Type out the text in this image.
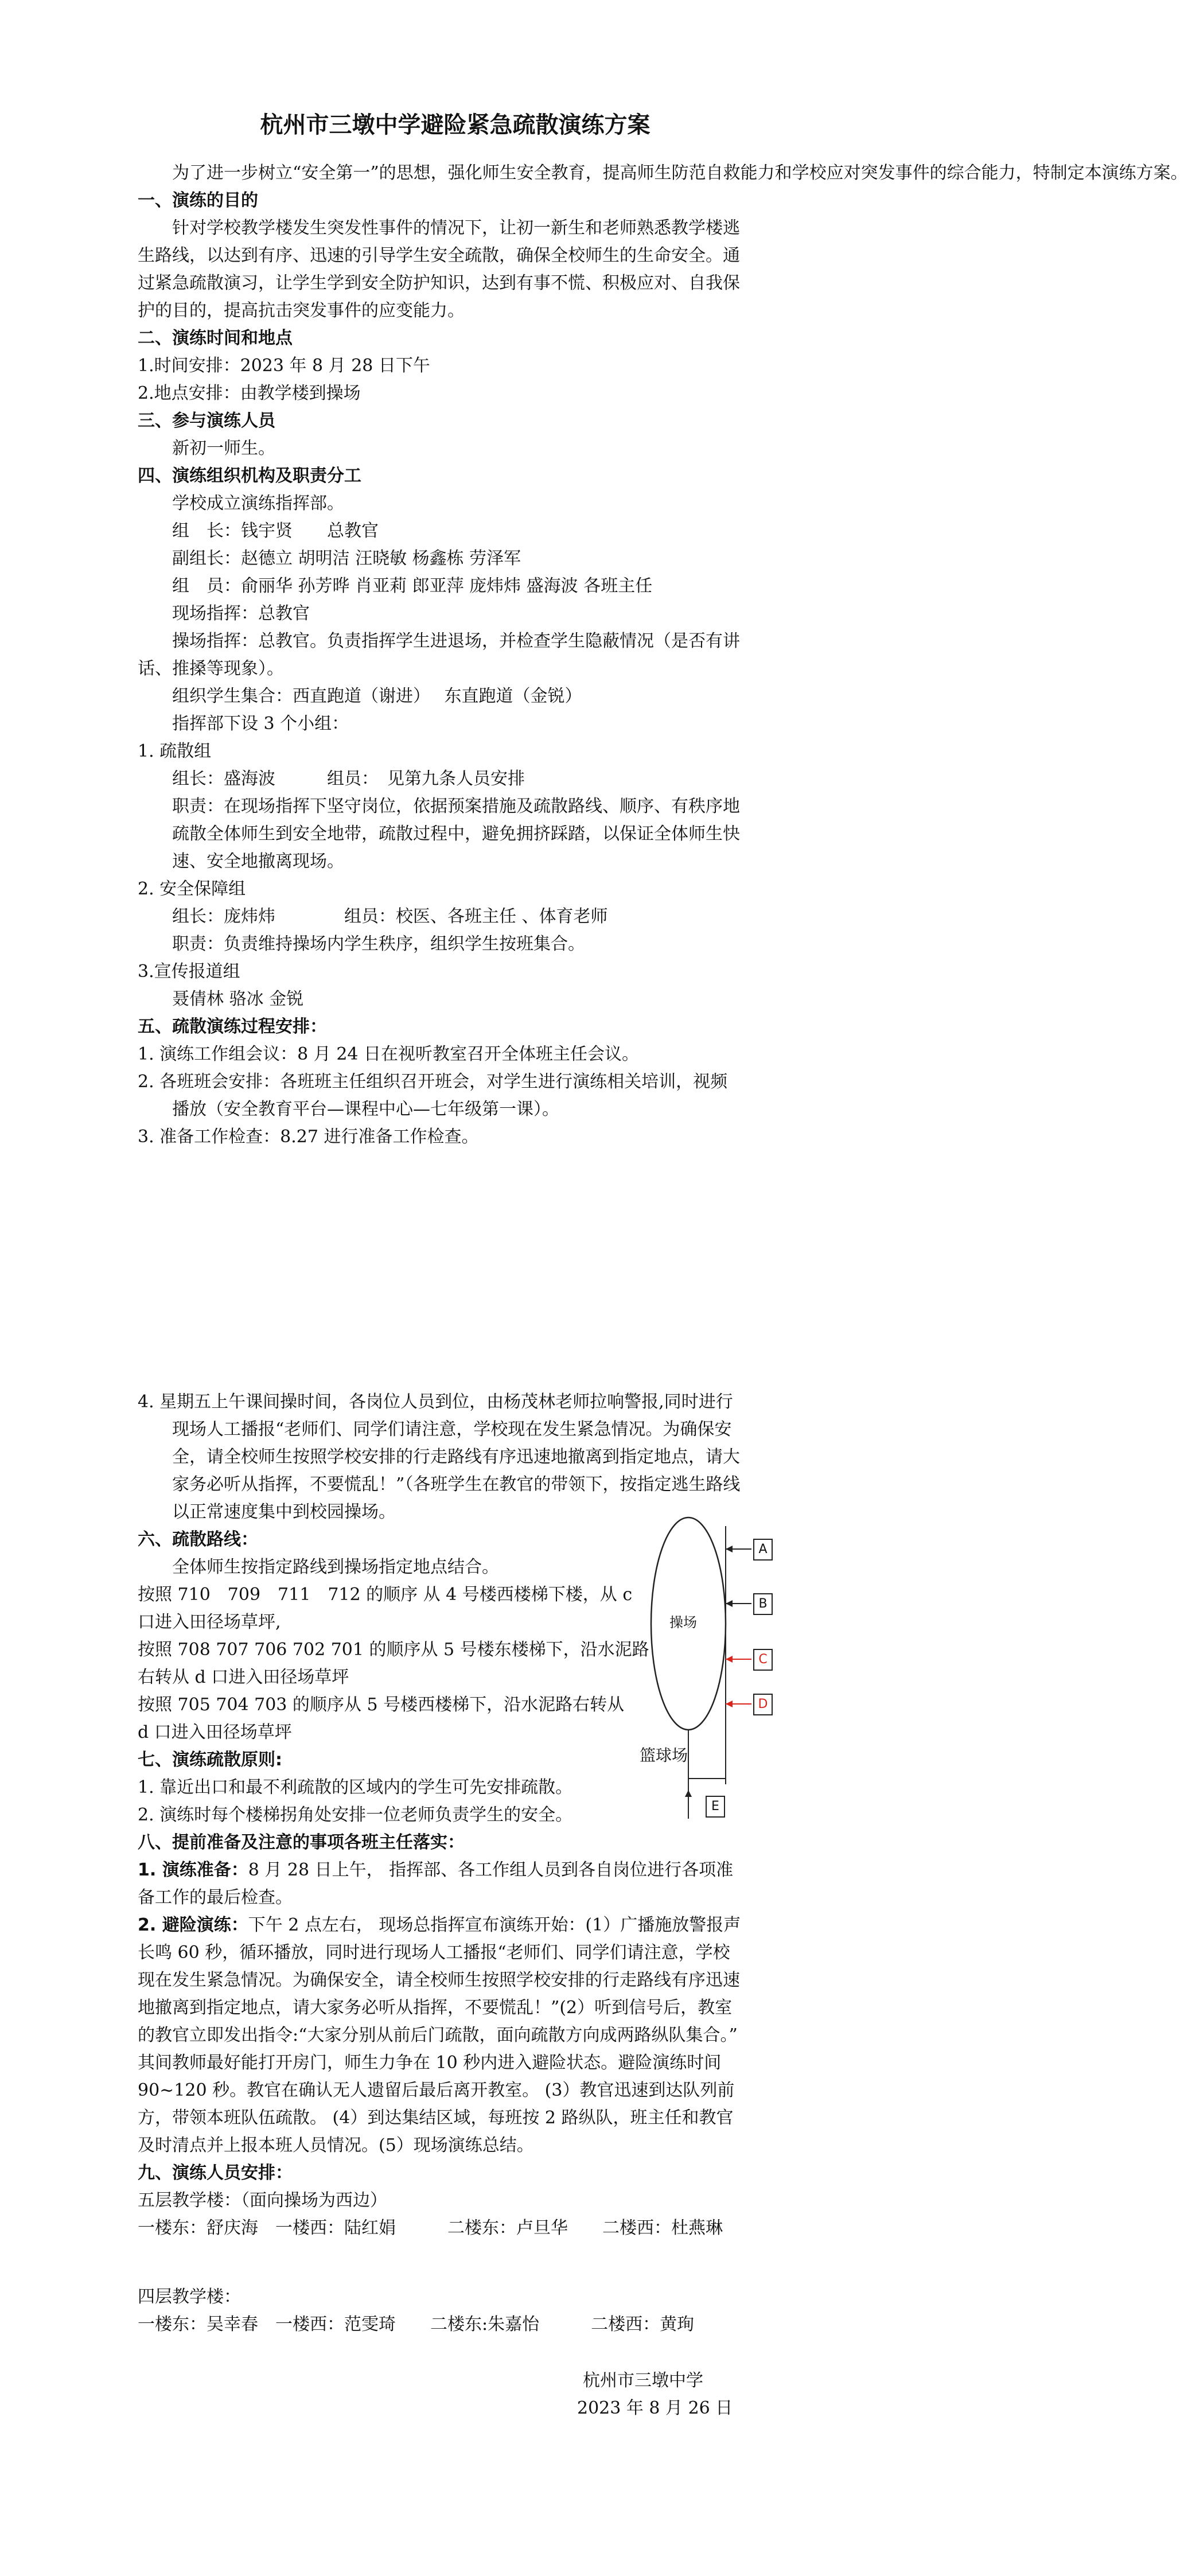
杭州市三墩中学避险紧急疏散演练方案
为了进一步树立“安全第一”的思想，强化师生安全教育，提高师生防范自救能力和学校应对突发事件的综合能力，特制定本演练方案。
一、演练的目的
针对学校教学楼发生突发性事件的情况下，让初一新生和老师熟悉教学楼逃
生路线，以达到有序、迅速的引导学生安全疏散，确保全校师生的生命安全。通
过紧急疏散演习，让学生学到安全防护知识，达到有事不慌、积极应对、自我保
护的目的，提高抗击突发事件的应变能力。
二、演练时间和地点
1.时间安排：2023 年 8 月 28 日下午
2.地点安排：由教学楼到操场
三、参与演练人员
新初一师生。
四、演练组织机构及职责分工
学校成立演练指挥部。
组　长：钱宇贤　　总教官
副组长：赵德立 胡明洁 汪晓敏 杨鑫栋 劳泽军
组　员：俞丽华 孙芳晔 肖亚莉 郎亚萍 庞炜炜 盛海波 各班主任
现场指挥：总教官
操场指挥：总教官。负责指挥学生进退场，并检查学生隐蔽情况（是否有讲
话、推搡等现象）。
组织学生集合：西直跑道（谢进）　 东直跑道（金锐）
指挥部下设 3 个小组：
1. 疏散组
组长：盛海波　　　组员：　见第九条人员安排
职责：在现场指挥下坚守岗位，依据预案措施及疏散路线、顺序、有秩序地
疏散全体师生到安全地带，疏散过程中，避免拥挤踩踏，以保证全体师生快
速、安全地撤离现场。
2. 安全保障组
组长：庞炜炜　　　　组员：校医、各班主任 、体育老师
职责：负责维持操场内学生秩序，组织学生按班集合。
3.宣传报道组
聂倩林 骆冰 金锐
五、疏散演练过程安排：
1. 演练工作组会议：8 月 24 日在视听教室召开全体班主任会议。
2. 各班班会安排：各班班主任组织召开班会，对学生进行演练相关培训，视频
播放（安全教育平台—课程中心—七年级第一课）。
3. 准备工作检查：8.27 进行准备工作检查。
4. 星期五上午课间操时间，各岗位人员到位，由杨茂林老师拉响警报,同时进行
现场人工播报“老师们、同学们请注意，学校现在发生紧急情况。为确保安
全，请全校师生按照学校安排的行走路线有序迅速地撤离到指定地点，请大
家务必听从指挥，不要慌乱！”（各班学生在教官的带领下，按指定逃生路线
以正常速度集中到校园操场。
六、疏散路线：
全体师生按指定路线到操场指定地点结合。
按照 710　709　711　712 的顺序 从 4 号楼西楼梯下楼，从 c
口进入田径场草坪,
按照 708 707 706 702 701 的顺序从 5 号楼东楼梯下，沿水泥路
右转从 d 口进入田径场草坪
按照 705 704 703 的顺序从 5 号楼西楼梯下，沿水泥路右转从
d 口进入田径场草坪
操场
篮球场
A
B
C
D
E
七、演练疏散原则:
1. 靠近出口和最不利疏散的区域内的学生可先安排疏散。
2. 演练时每个楼梯拐角处安排一位老师负责学生的安全。
八、提前准备及注意的事项各班主任落实：
1. 演练准备：8 月 28 日上午， 指挥部、各工作组人员到各自岗位进行各项准
备工作的最后检查。
2. 避险演练：下午 2 点左右， 现场总指挥宣布演练开始：(1）广播施放警报声
长鸣 60 秒，循环播放，同时进行现场人工播报“老师们、同学们请注意，学校
现在发生紧急情况。为确保安全，请全校师生按照学校安排的行走路线有序迅速
地撤离到指定地点，请大家务必听从指挥，不要慌乱！”(2）听到信号后，教室
的教官立即发出指令:“大家分别从前后门疏散，面向疏散方向成两路纵队集合。”
其间教师最好能打开房门，师生力争在 10 秒内进入避险状态。避险演练时间
90~120 秒。教官在确认无人遗留后最后离开教室。 (3）教官迅速到达队列前
方，带领本班队伍疏散。 (4）到达集结区域，每班按 2 路纵队，班主任和教官
及时清点并上报本班人员情况。(5）现场演练总结。
九、演练人员安排：
五层教学楼：（面向操场为西边）
一楼东：舒庆海　一楼西：陆红娟　　　二楼东：卢旦华　　二楼西：杜燕琳
四层教学楼：
一楼东：吴幸春　一楼西：范雯琦　　二楼东:朱嘉怡　　　二楼西：黄珣
杭州市三墩中学
2023 年 8 月 26 日
